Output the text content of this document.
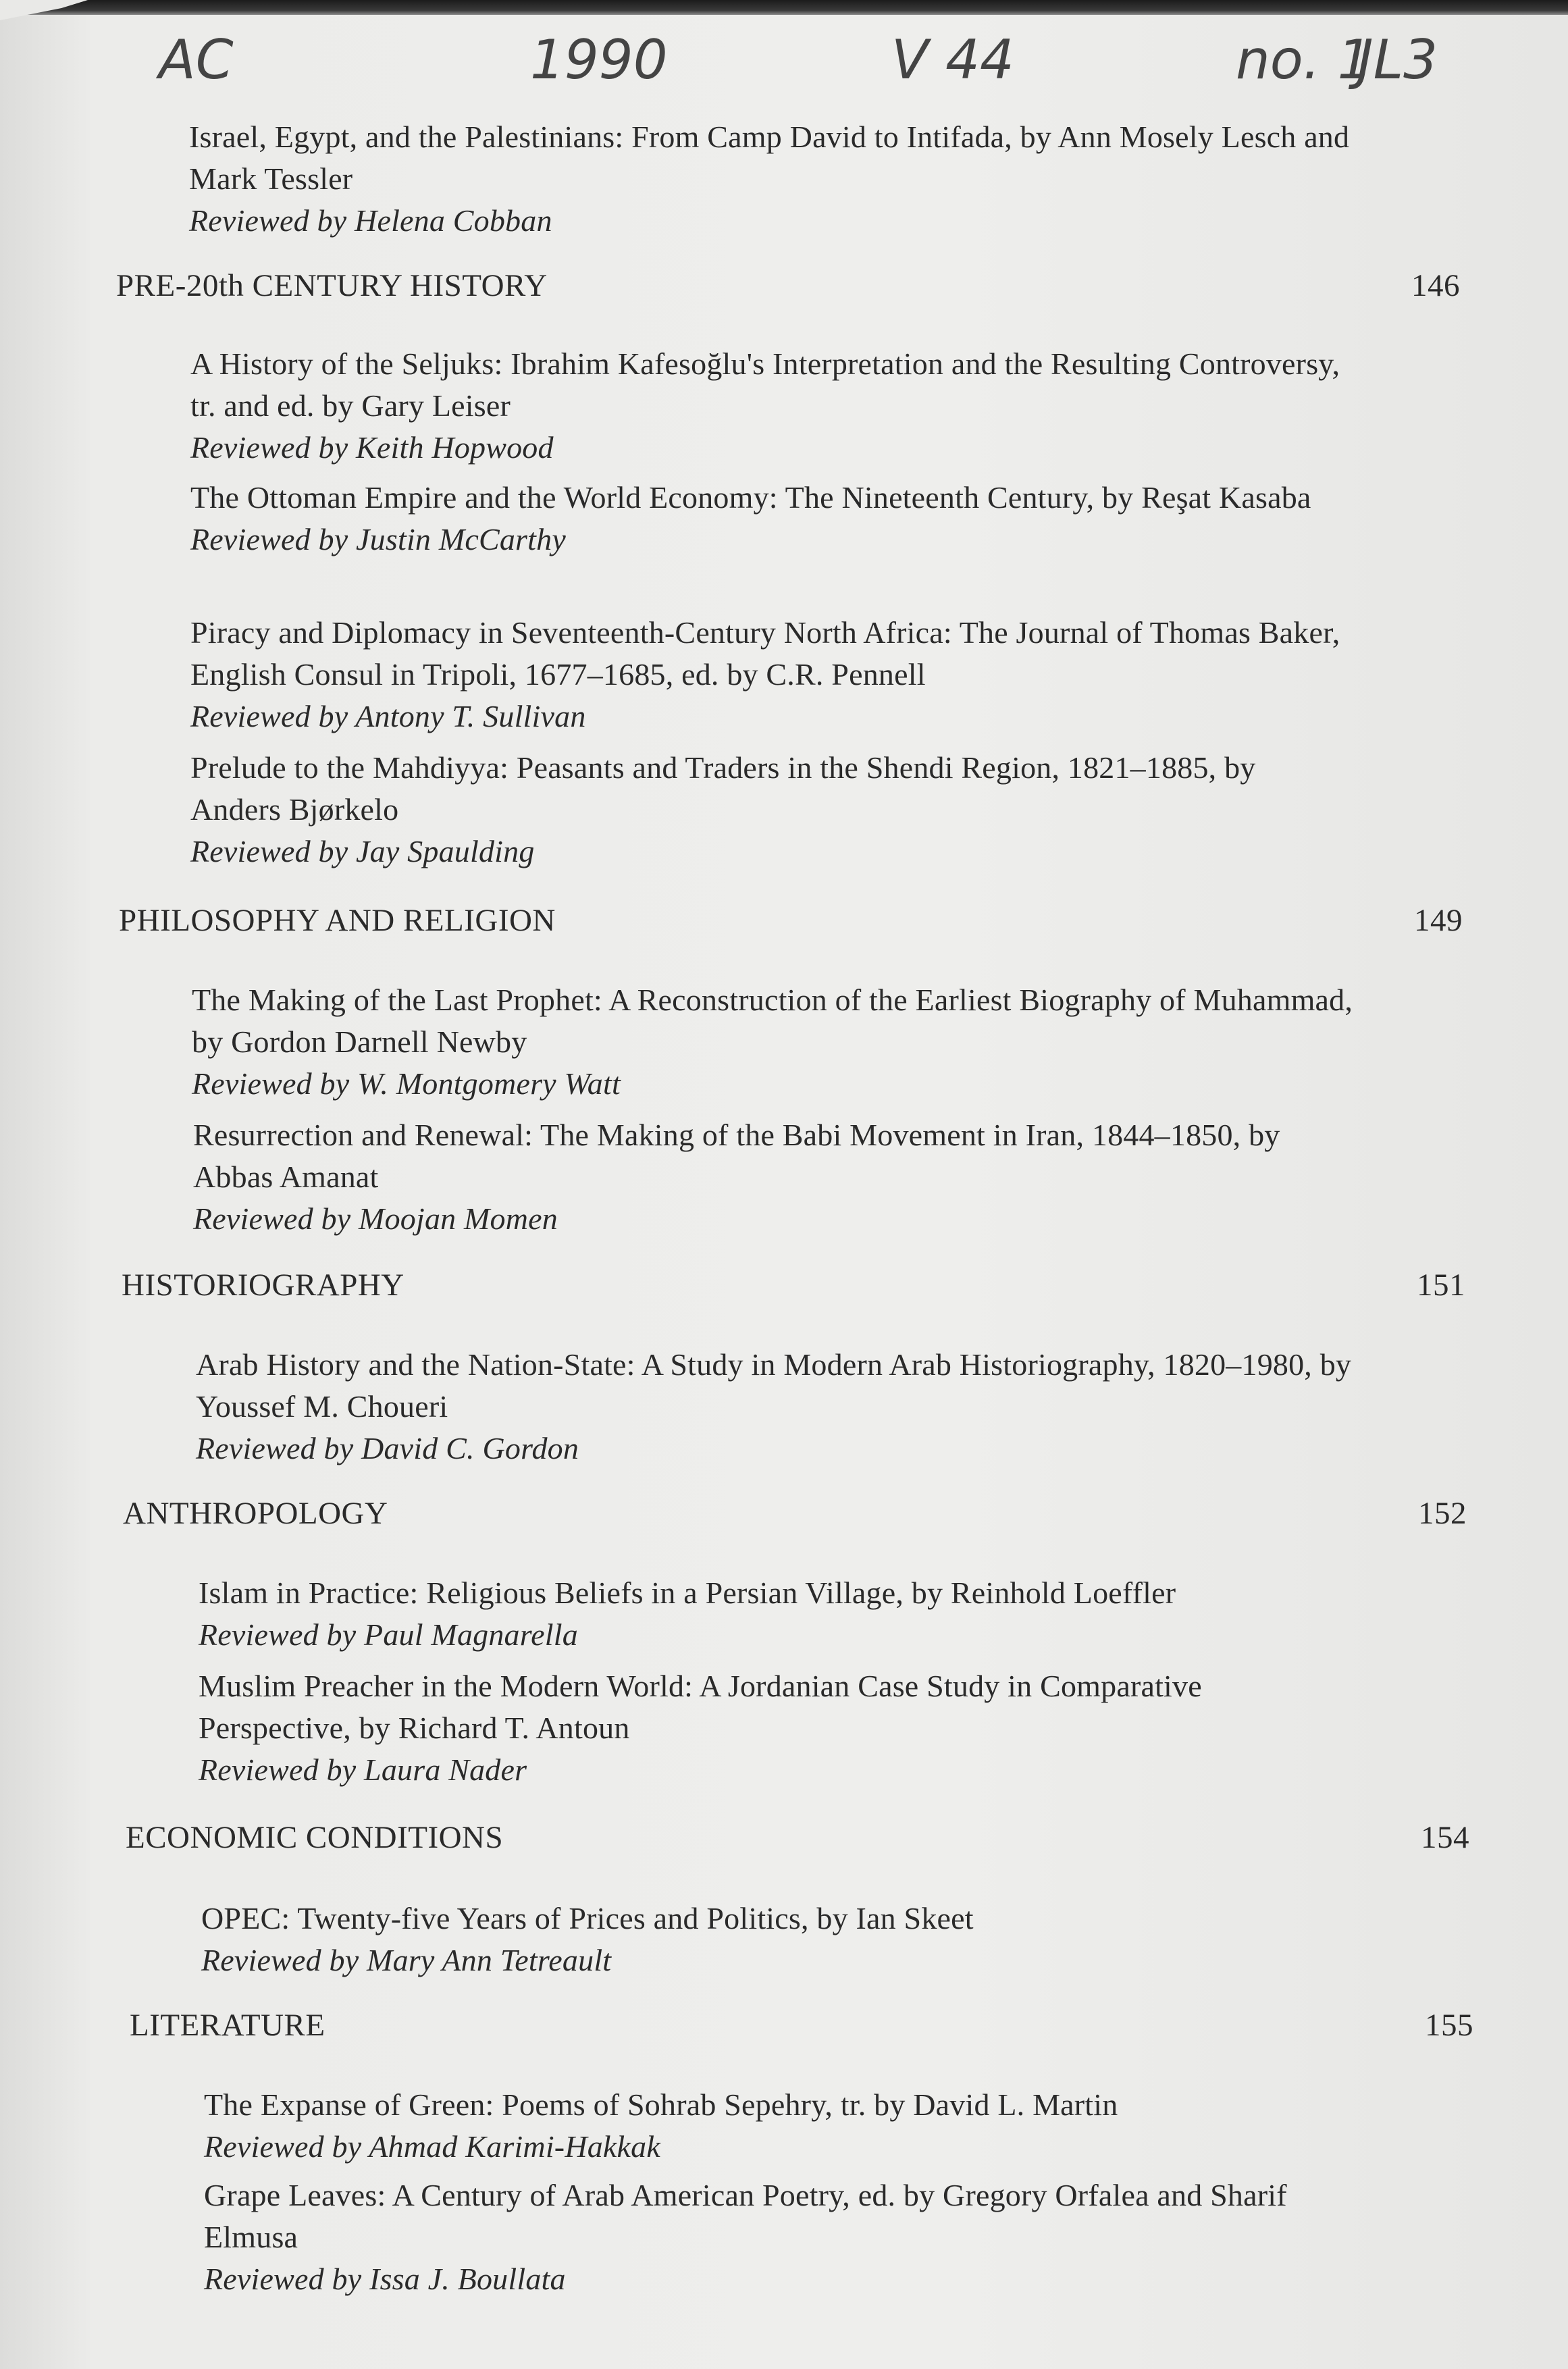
AC	1990	V 44	no. 1
JL3
Israel, Egypt, and the Palestinians: From Camp David to Intifada, by Ann Mosely Lesch and Mark Tessler
Reviewed by Helena Cobban
PRE-20th CENTURY HISTORY	146
A History of the Seljuks: Ibrahim Kafesoğlu's Interpretation and the Resulting Controversy, tr. and ed. by Gary Leiser
Reviewed by Keith Hopwood
The Ottoman Empire and the World Economy: The Nineteenth Century, by Reşat Kasaba
Reviewed by Justin McCarthy
Piracy and Diplomacy in Seventeenth-Century North Africa: The Journal of Thomas Baker, English Consul in Tripoli, 1677–1685, ed. by C.R. Pennell
Reviewed by Antony T. Sullivan
Prelude to the Mahdiyya: Peasants and Traders in the Shendi Region, 1821–1885, by Anders Bjørkelo
Reviewed by Jay Spaulding
PHILOSOPHY AND RELIGION	149
The Making of the Last Prophet: A Reconstruction of the Earliest Biography of Muhammad, by Gordon Darnell Newby
Reviewed by W. Montgomery Watt
Resurrection and Renewal: The Making of the Babi Movement in Iran, 1844–1850, by Abbas Amanat
Reviewed by Moojan Momen
HISTORIOGRAPHY	151
Arab History and the Nation-State: A Study in Modern Arab Historiography, 1820–1980, by Youssef M. Choueri
Reviewed by David C. Gordon
ANTHROPOLOGY	152
Islam in Practice: Religious Beliefs in a Persian Village, by Reinhold Loeffler
Reviewed by Paul Magnarella
Muslim Preacher in the Modern World: A Jordanian Case Study in Comparative Perspective, by Richard T. Antoun
Reviewed by Laura Nader
ECONOMIC CONDITIONS	154
OPEC: Twenty-five Years of Prices and Politics, by Ian Skeet
Reviewed by Mary Ann Tetreault
LITERATURE	155
The Expanse of Green: Poems of Sohrab Sepehry, tr. by David L. Martin
Reviewed by Ahmad Karimi-Hakkak
Grape Leaves: A Century of Arab American Poetry, ed. by Gregory Orfalea and Sharif Elmusa
Reviewed by Issa J. Boullata
